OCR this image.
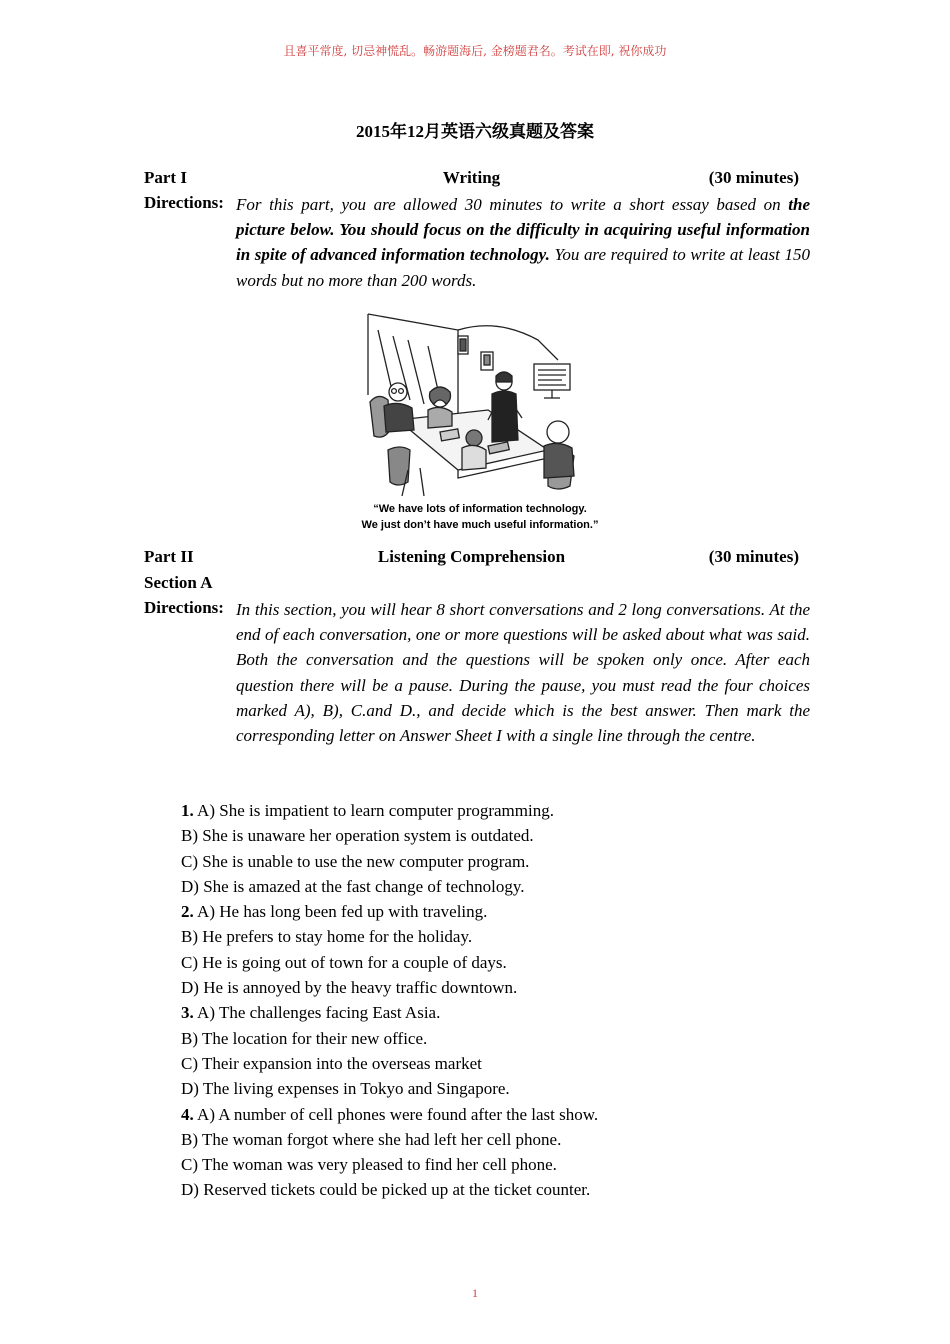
且喜平常度, 切忌神慌乱。畅游题海后, 金榜题君名。考试在即, 祝你成功
2015年12月英语六级真题及答案
Part I	Writing	(30 minutes)
Directions: For this part, you are allowed 30 minutes to write a short essay based on the picture below. You should focus on the difficulty in acquiring useful information in spite of advanced information technology. You are required to write at least 150 words but no more than 200 words.
“We have lots of information technology.
We just don’t have much useful information.”
Part II	Listening Comprehension	(30 minutes)
Section A
Directions: In this section, you will hear 8 short conversations and 2 long conversations. At the end of each conversation, one or more questions will be asked about what was said. Both the conversation and the questions will be spoken only once. After each question there will be a pause. During the pause, you must read the four choices marked A), B), C.and D., and decide which is the best answer. Then mark the corresponding letter on Answer Sheet I with a single line through the centre.
1. A) She is impatient to learn computer programming.
B) She is unaware her operation system is outdated.
C) She is unable to use the new computer program.
D) She is amazed at the fast change of technology.
2. A) He has long been fed up with traveling.
B) He prefers to stay home for the holiday.
C) He is going out of town for a couple of days.
D) He is annoyed by the heavy traffic downtown.
3. A) The challenges facing East Asia.
B) The location for their new office.
C) Their expansion into the overseas market
D) The living expenses in Tokyo and Singapore.
4. A) A number of cell phones were found after the last show.
B) The woman forgot where she had left her cell phone.
C) The woman was very pleased to find her cell phone.
D) Reserved tickets could be picked up at the ticket counter.
1
